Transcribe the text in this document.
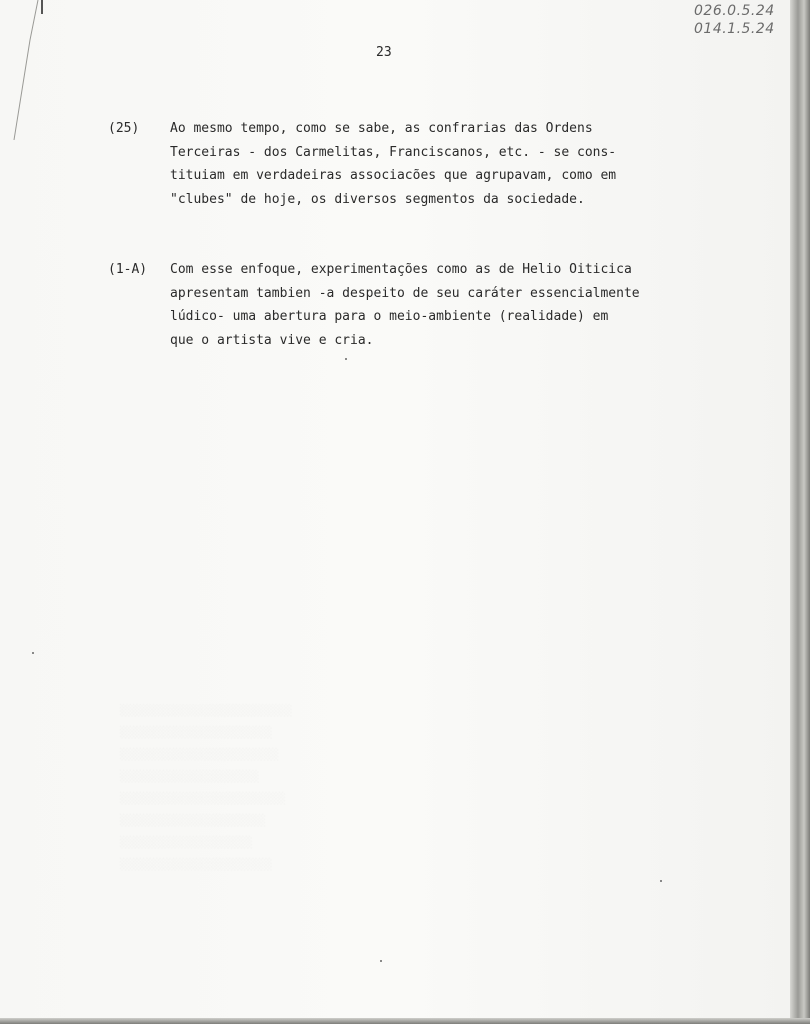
026.0.5.24
014.1.5.24
23
(25)	Ao mesmo tempo, como se sabe, as confrarias das Ordens
Terceiras - dos Carmelitas, Franciscanos, etc. - se cons-
tituiam em verdadeiras associacões que agrupavam, como em
"clubes" de hoje, os diversos segmentos da sociedade.
(1-A)	Com esse enfoque, experimentações como as de Helio Oiticica
apresentam tambien -a despeito de seu caráter essencialmente
lúdico- uma abertura para o meio-ambiente (realidade) em
que o artista vive e cria.
░░░░░░░░░░░░░░░░░░░░░░░░░░
░░░░░░░░░░░░░░░░░░░░░░░
░░░░░░░░░░░░░░░░░░░░░░░░
░░░░░░░░░░░░░░░░░░░░░
░░░░░░░░░░░░░░░░░░░░░░░░░
░░░░░░░░░░░░░░░░░░░░░░
░░░░░░░░░░░░░░░░░░░░
░░░░░░░░░░░░░░░░░░░░░░░
